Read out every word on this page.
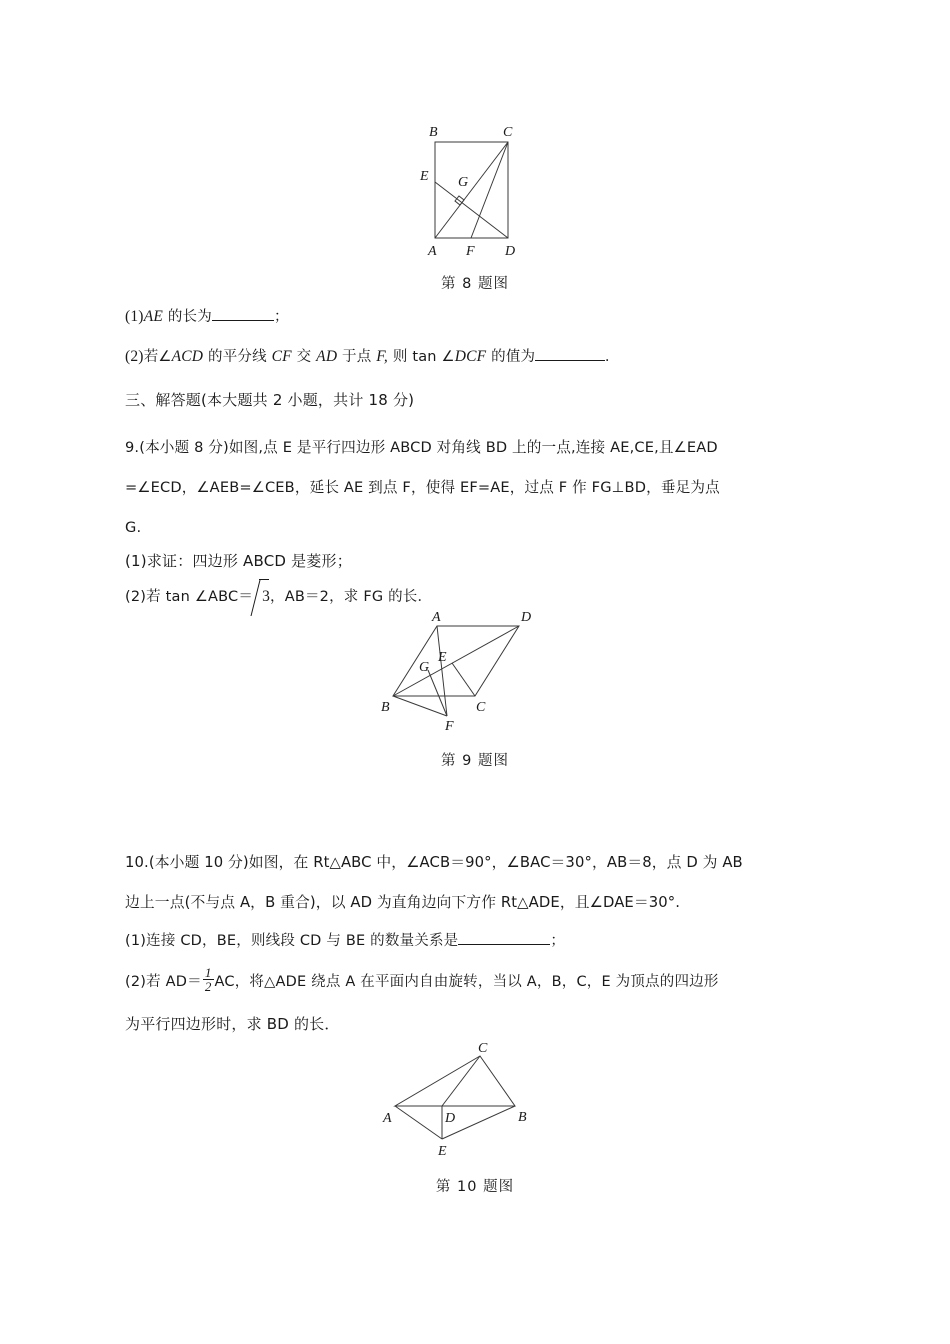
B	C
E G
A F D
第 8 题图
(1)AE 的长为	；
(2)若∠ACD 的平分线 CF 交 AD 于点 F, 则 tan ∠DCF 的值为	.
三、解答题(本大题共 2 小题，共计 18 分)
9.(本小题 8 分)如图,点 E 是平行四边形 ABCD 对角线 BD 上的一点,连接 AE,CE,且∠EAD
=∠ECD，∠AEB=∠CEB，延长 AE 到点 F，使得 EF=AE，过点 F 作 FG⊥BD，垂足为点
G.
(1)求证：四边形 ABCD 是菱形；
(2)若 tan ∠ABC＝ 3，AB＝2，求 FG 的长．
A	D
E
G
B	C
F
第 9 题图
10.(本小题 10 分)如图，在 Rt△ABC 中，∠ACB＝90°，∠BAC＝30°，AB＝8，点 D 为 AB
边上一点(不与点 A，B 重合)，以 AD 为直角边向下方作 Rt△ADE，且∠DAE＝30°.
(1)连接 CD，BE，则线段 CD 与 BE 的数量关系是	；
(2)若 $AD= \frac{1}{2}$ AC，将△ADE 绕点 A 在平面内自由旋转，当以 A，B，C，E 为顶点的四边形
为平行四边形时，求 BD 的长．
C
A	D	B
E
第 10 题图
